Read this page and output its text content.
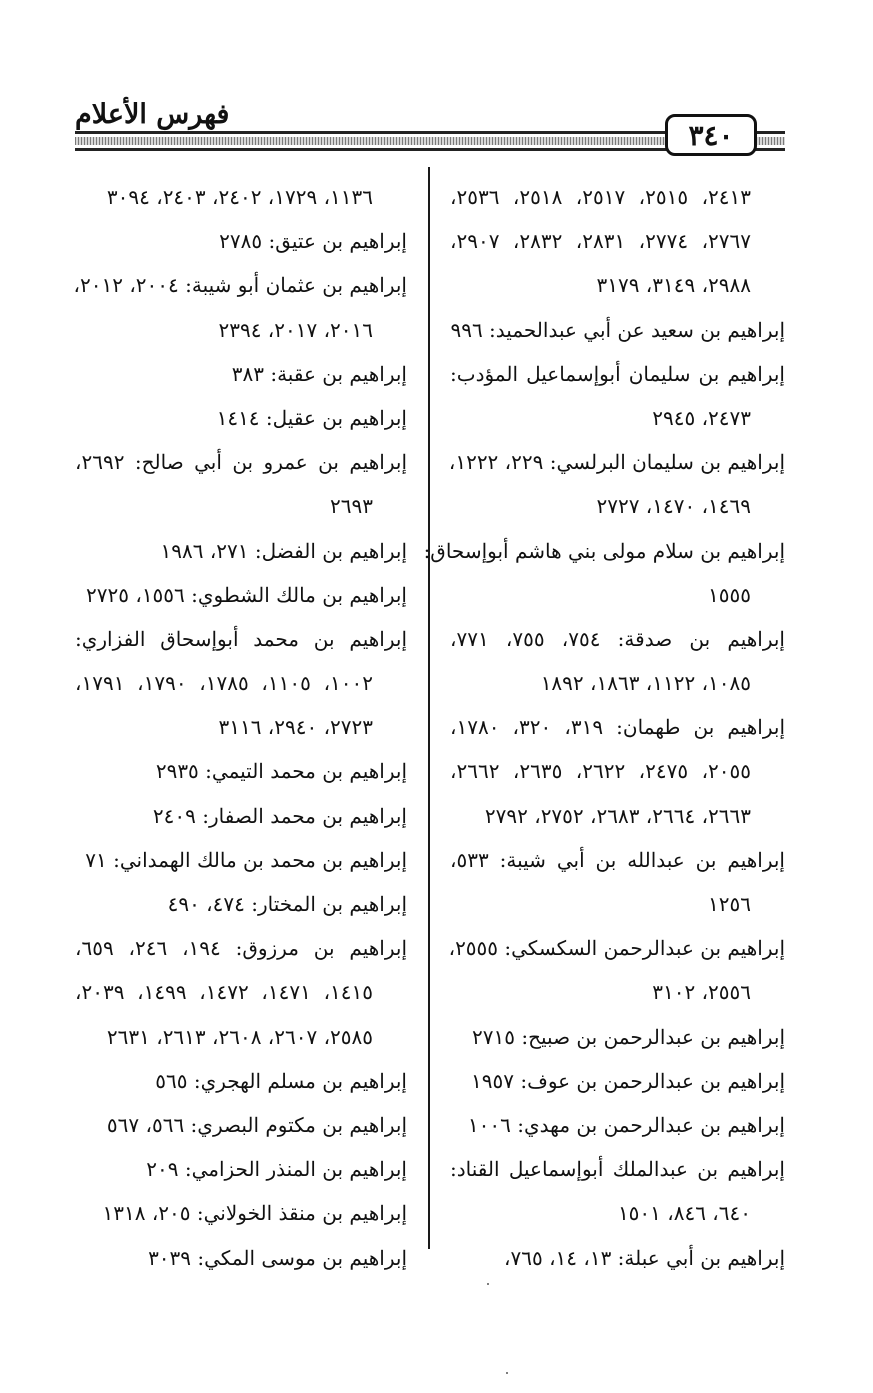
فهرس الأعلام
٣٤٠
٢٤١٣، ٢٥١٥، ٢٥١٧، ٢٥١٨، ٢٥٣٦،
٢٧٦٧، ٢٧٧٤، ٢٨٣١، ٢٨٣٢، ٢٩٠٧،
٢٩٨٨، ٣١٤٩، ٣١٧٩
إبراهيم بن سعيد عن أبي عبدالحميد: ٩٩٦
إبراهيم بن سليمان أبوإسماعيل المؤدب:
٢٤٧٣، ٢٩٤٥
إبراهيم بن سليمان البرلسي: ٢٢٩، ١٢٢٢،
١٤٦٩، ١٤٧٠، ٢٧٢٧
إبراهيم بن سلام مولى بني هاشم أبوإسحاق:
١٥٥٥
إبراهيم بن صدقة: ٧٥٤، ٧٥٥، ٧٧١،
١٠٨٥، ١١٢٢، ١٨٦٣، ١٨٩٢
إبراهيم بن طهمان: ٣١٩، ٣٢٠، ١٧٨٠،
٢٠٥٥، ٢٤٧٥، ٢٦٢٢، ٢٦٣٥، ٢٦٦٢،
٢٦٦٣، ٢٦٦٤، ٢٦٨٣، ٢٧٥٢، ٢٧٩٢
إبراهيم بن عبدالله بن أبي شيبة: ٥٣٣،
١٢٥٦
إبراهيم بن عبدالرحمن السكسكي: ٢٥٥٥،
٢٥٥٦، ٣١٠٢
إبراهيم بن عبدالرحمن بن صبيح: ٢٧١٥
إبراهيم بن عبدالرحمن بن عوف: ١٩٥٧
إبراهيم بن عبدالرحمن بن مهدي: ١٠٠٦
إبراهيم بن عبدالملك أبوإسماعيل القناد:
٦٤٠، ٨٤٦، ١٥٠١
إبراهيم بن أبي عبلة: ١٣، ١٤، ٧٦٥،
١١٣٦، ١٧٢٩، ٢٤٠٢، ٢٤٠٣، ٣٠٩٤
إبراهيم بن عتيق: ٢٧٨٥
إبراهيم بن عثمان أبو شيبة: ٢٠٠٤، ٢٠١٢،
٢٠١٦، ٢٠١٧، ٢٣٩٤
إبراهيم بن عقبة: ٣٨٣
إبراهيم بن عقيل: ١٤١٤
إبراهيم بن عمرو بن أبي صالح: ٢٦٩٢،
٢٦٩٣
إبراهيم بن الفضل: ٢٧١، ١٩٨٦
إبراهيم بن مالك الشطوي: ١٥٥٦، ٢٧٢٥
إبراهيم بن محمد أبوإسحاق الفزاري:
١٠٠٢، ١١٠٥، ١٧٨٥، ١٧٩٠، ١٧٩١،
٢٧٢٣، ٢٩٤٠، ٣١١٦
إبراهيم بن محمد التيمي: ٢٩٣٥
إبراهيم بن محمد الصفار: ٢٤٠٩
إبراهيم بن محمد بن مالك الهمداني: ٧١
إبراهيم بن المختار: ٤٧٤، ٤٩٠
إبراهيم بن مرزوق: ١٩٤، ٢٤٦، ٦٥٩،
١٤١٥، ١٤٧١، ١٤٧٢، ١٤٩٩، ٢٠٣٩،
٢٥٨٥، ٢٦٠٧، ٢٦٠٨، ٢٦١٣، ٢٦٣١
إبراهيم بن مسلم الهجري: ٥٦٥
إبراهيم بن مكتوم البصري: ٥٦٦، ٥٦٧
إبراهيم بن المنذر الحزامي: ٢٠٩
إبراهيم بن منقذ الخولاني: ٢٠٥، ١٣١٨
إبراهيم بن موسى المكي: ٣٠٣٩
